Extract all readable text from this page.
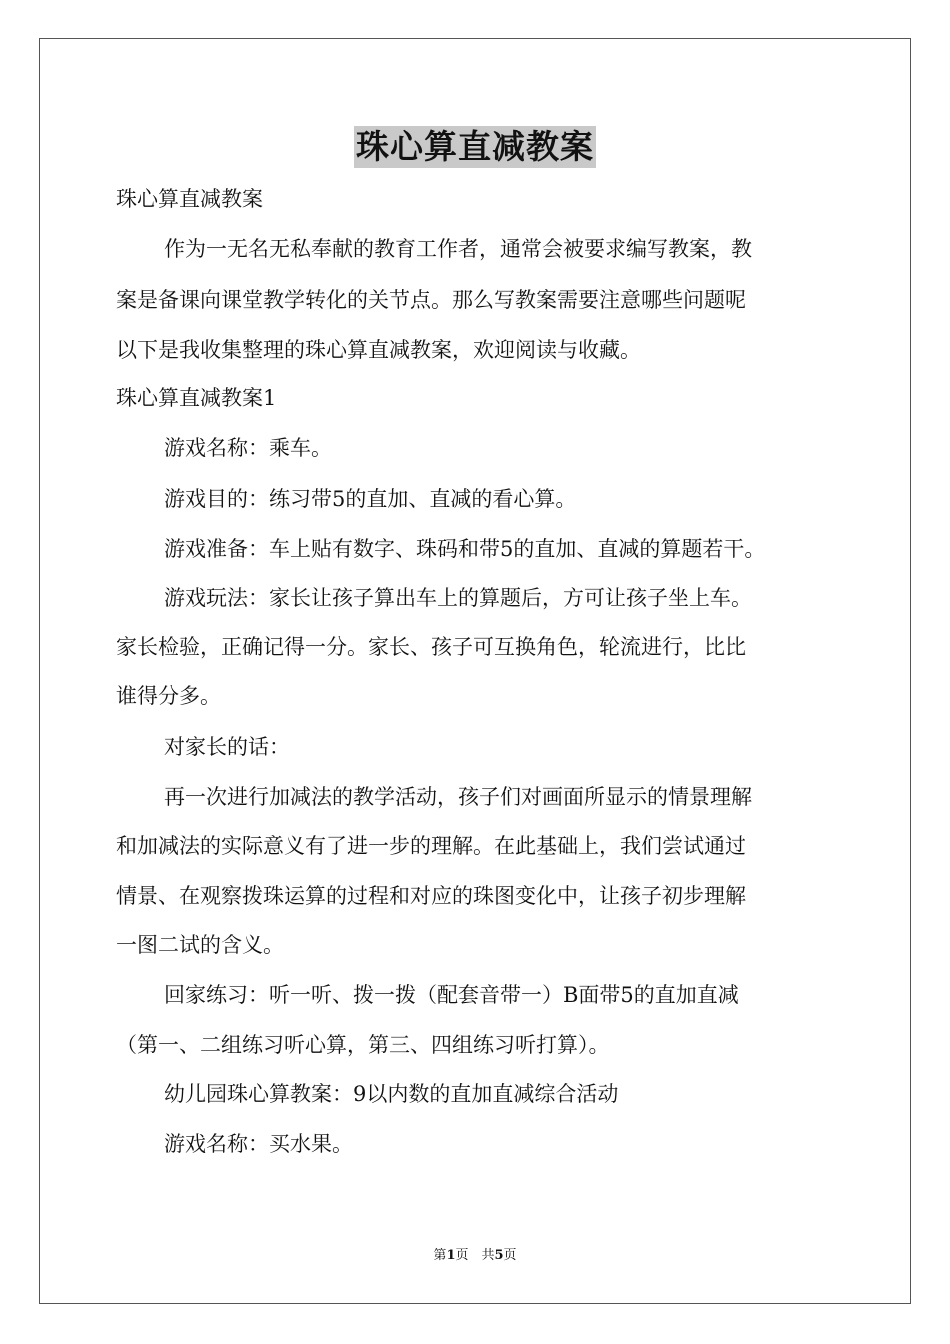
珠心算直减教案
珠心算直减教案
作为一无名无私奉献的教育工作者，通常会被要求编写教案，教
案是备课向课堂教学转化的关节点。那么写教案需要注意哪些问题呢
以下是我收集整理的珠心算直减教案，欢迎阅读与收藏。
珠心算直减教案1
游戏名称：乘车。
游戏目的：练习带5的直加、直减的看心算。
游戏准备：车上贴有数字、珠码和带5的直加、直减的算题若干。
游戏玩法：家长让孩子算出车上的算题后，方可让孩子坐上车。
家长检验，正确记得一分。家长、孩子可互换角色，轮流进行，比比
谁得分多。
对家长的话：
再一次进行加减法的教学活动，孩子们对画面所显示的情景理解
和加减法的实际意义有了进一步的理解。在此基础上，我们尝试通过
情景、在观察拨珠运算的过程和对应的珠图变化中，让孩子初步理解
一图二试的含义。
回家练习：听一听、拨一拨（配套音带一）B面带5的直加直减
（第一、二组练习听心算，第三、四组练习听打算）。
幼儿园珠心算教案：9以内数的直加直减综合活动
游戏名称：买水果。
第1页　共5页
